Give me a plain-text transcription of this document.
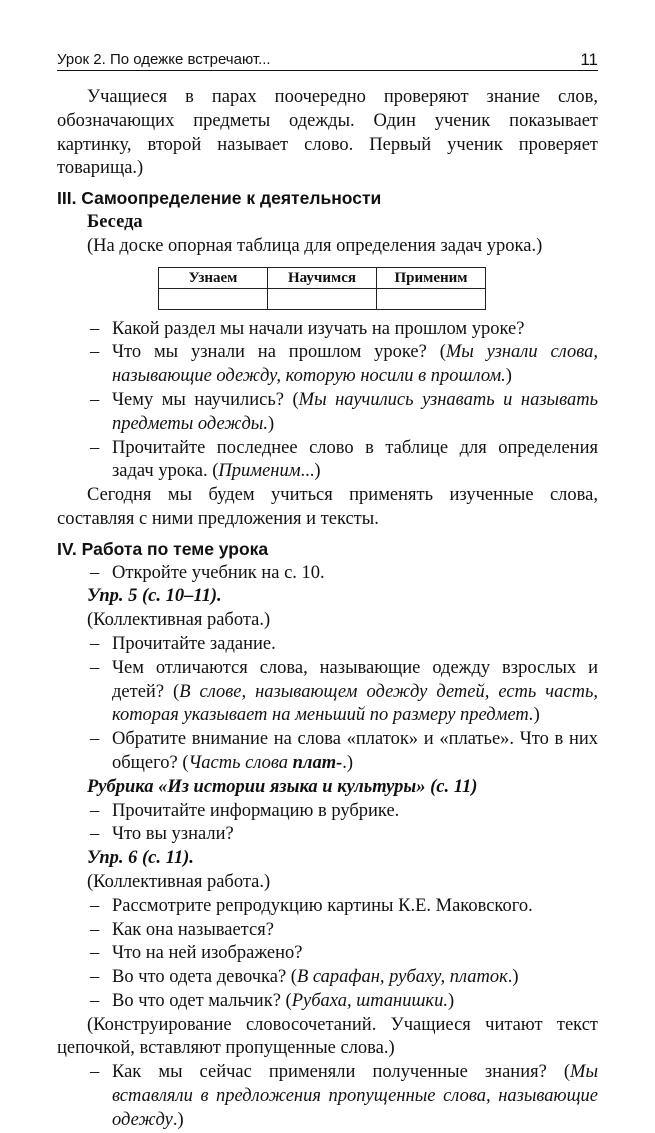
Урок 2. По одежке встречают...	11

Учащиеся в парах поочередно проверяют знание слов, обозначающих предметы одежды. Один ученик показывает картинку, второй называет слово. Первый ученик проверяет товарища.)

III. Самоопределение к деятельности
Беседа
(На доске опорная таблица для определения задач урока.)
Узнаем	Научимся	Применим

– Какой раздел мы начали изучать на прошлом уроке?
– Что мы узнали на прошлом уроке? (Мы узнали слова, называющие одежду, которую носили в прошлом.)
– Чему мы научились? (Мы научились узнавать и называть предметы одежды.)
– Прочитайте последнее слово в таблице для определения задач урока. (Применим...)

Сегодня мы будем учиться применять изученные слова, составляя с ними предложения и тексты.

IV. Работа по теме урока
– Откройте учебник на с. 10.
Упр. 5 (с. 10–11).
(Коллективная работа.)
– Прочитайте задание.
– Чем отличаются слова, называющие одежду взрослых и детей? (В слове, называющем одежду детей, есть часть, которая указывает на меньший по размеру предмет.)
– Обратите внимание на слова «платок» и «платье». Что в них общего? (Часть слова плат-.)
Рубрика «Из истории языка и культуры» (с. 11)
– Прочитайте информацию в рубрике.
– Что вы узнали?
Упр. 6 (с. 11).
(Коллективная работа.)
– Рассмотрите репродукцию картины К.Е. Маковского.
– Как она называется?
– Что на ней изображено?
– Во что одета девочка? (В сарафан, рубаху, платок.)
– Во что одет мальчик? (Рубаха, штанишки.)

(Конструирование словосочетаний. Учащиеся читают текст цепочкой, вставляют пропущенные слова.)

– Как мы сейчас применяли полученные знания? (Мы вставляли в предложения пропущенные слова, называющие одежду.)
